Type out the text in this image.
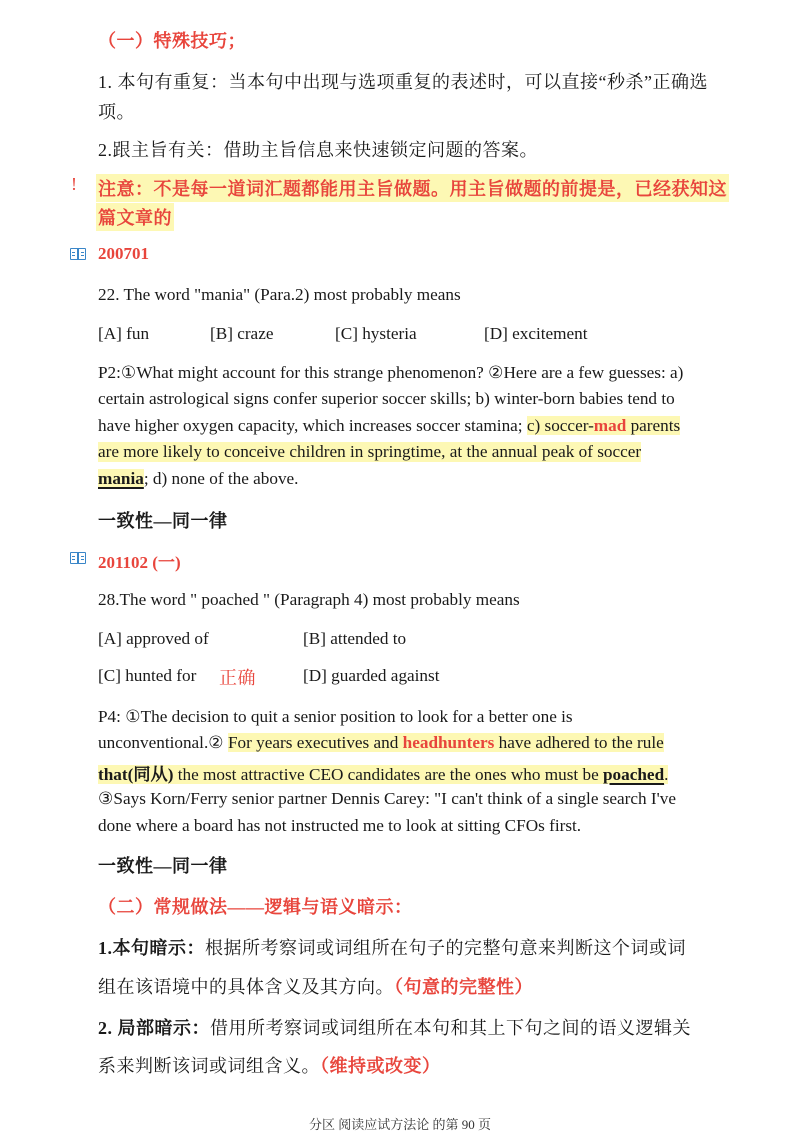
（一）特殊技巧；
1. 本句有重复：当本句中出现与选项重复的表述时，可以直接“秒杀”正确选
项。
2.跟主旨有关：借助主旨信息来快速锁定问题的答案。
! 注意：不是每一道词汇题都能用主旨做题。用主旨做题的前提是，已经获知这
篇文章的
200701
22. The word "mania" (Para.2) most probably means
[A] fun	[B] craze	[C] hysteria	[D] excitement
P2:①What might account for this strange phenomenon? ②Here are a few guesses: a)
certain astrological signs confer superior soccer skills; b) winter-born babies tend to
have higher oxygen capacity, which increases soccer stamina; c) soccer-mad parents
are more likely to conceive children in springtime, at the annual peak of soccer
mania; d) none of the above.
一致性—同一律
201102 (一)
28.The word " poached " (Paragraph 4) most probably means
[A] approved of	[B] attended to
[C] hunted for 正确	[D] guarded against
P4: ①The decision to quit a senior position to look for a better one is
unconventional.② For years executives and headhunters have adhered to the rule
that(同从) the most attractive CEO candidates are the ones who must be poached.
③Says Korn/Ferry senior partner Dennis Carey: "I can't think of a single search I've
done where a board has not instructed me to look at sitting CFOs first.
一致性—同一律
（二）常规做法——逻辑与语义暗示：
1.本句暗示：根据所考察词或词组所在句子的完整句意来判断这个词或词
组在该语境中的具体含义及其方向。（句意的完整性）
2. 局部暗示：借用所考察词或词组所在本句和其上下句之间的语义逻辑关
系来判断该词或词组含义。（维持或改变）
分区 阅读应试方法论 的第 90 页
